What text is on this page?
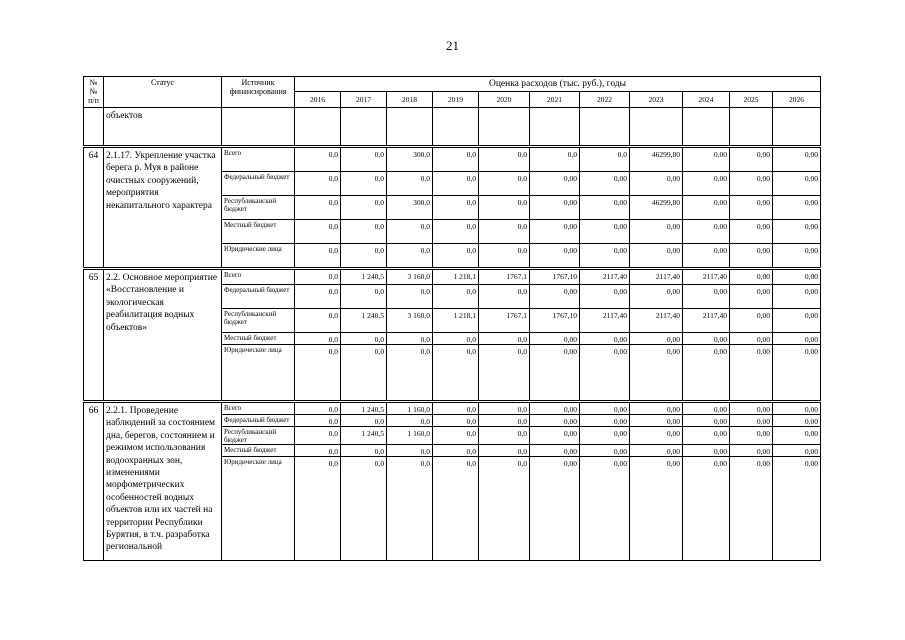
21
№
№
п/п	Статус	Источник финансирования	Оценка расходов (тыс. руб.), годы										
			2016	2017	2018	2019	2020	2021	2022	2023	2024	2025	2026
	объектов												

64	2.1.17. Укрепление участка берега р. Муя в районе очистных сооружений, мероприятия некапитального характера	Всего	0,0	0,0	300,0	0,0	0,0	0,0	0,0	46299,80	0,00	0,00	0,00
		Федеральный бюджет	0,0	0,0	0,0	0,0	0,0	0,00	0,00	0,00	0,00	0,00	0,00
		Республиканский бюджет	0,0	0,0	300,0	0,0	0,0	0,00	0,00	46299,80	0,00	0,00	0,00
		Местный бюджет	0,0	0,0	0,0	0,0	0,0	0,00	0,00	0,00	0,00	0,00	0,00
		Юридические лица	0,0	0,0	0,0	0,0	0,0	0,00	0,00	0,00	0,00	0,00	0,00

65	2.2. Основное мероприятие «Восстановление и экологическая реабилитация водных объектов»	Всего	0,0	1 240,5	3 160,0	1 218,1	1767,1	1767,10	2117,40	2117,40	2117,40	0,00	0,00
		Федеральный бюджет	0,0	0,0	0,0	0,0	0,0	0,00	0,00	0,00	0,00	0,00	0,00
		Республиканский бюджет	0,0	1 240,5	3 160,0	1 218,1	1767,1	1767,10	2117,40	2117,40	2117,40	0,00	0,00
		Местный бюджет	0,0	0,0	0,0	0,0	0,0	0,00	0,00	0,00	0,00	0,00	0,00
		Юридические лица	0,0	0,0	0,0	0,0	0,0	0,00	0,00	0,00	0,00	0,00	0,00

66	2.2.1. Проведение наблюдений за состоянием дна, берегов, состоянием и режимом использования водоохранных зон, изменениями морфометрических особенностей водных объектов или их частей на территории Республики Бурятия, в т.ч. разработка региональной	Всего	0,0	1 240,5	1 160,0	0,0	0,0	0,00	0,00	0,00	0,00	0,00	0,00
		Федеральный бюджет	0,0	0,0	0,0	0,0	0,0	0,00	0,00	0,00	0,00	0,00	0,00
		Республиканский бюджет	0,0	1 240,5	1 160,0	0,0	0,0	0,00	0,00	0,00	0,00	0,00	0,00
		Местный бюджет	0,0	0,0	0,0	0,0	0,0	0,00	0,00	0,00	0,00	0,00	0,00
		Юридические лица	0,0	0,0	0,0	0,0	0,0	0,00	0,00	0,00	0,00	0,00	0,00
